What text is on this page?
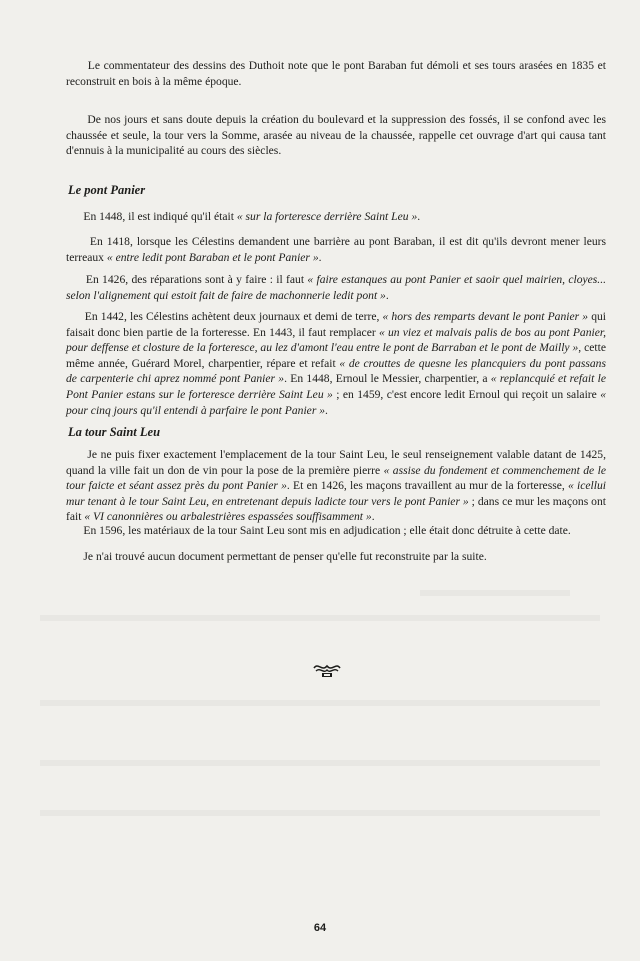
Le commentateur des dessins des Duthoit note que le pont Baraban fut démoli et ses tours arasées en 1835 et reconstruit en bois à la même époque.

De nos jours et sans doute depuis la création du boulevard et la suppression des fossés, il se confond avec les chaussée et seule, la tour vers la Somme, arasée au niveau de la chaussée, rappelle cet ouvrage d'art qui causa tant d'ennuis à la municipalité au cours des siècles.

Le pont Panier

En 1448, il est indiqué qu'il était « sur la forteresce derrière Saint Leu ».

En 1418, lorsque les Célestins demandent une barrière au pont Baraban, il est dit qu'ils devront mener leurs terreaux « entre ledit pont Baraban et le pont Panier ».

En 1426, des réparations sont à y faire : il faut « faire estanques au pont Panier et saoir quel mairien, cloyes... selon l'alignement qui estoit fait de faire de machonnerie ledit pont ».

En 1442, les Célestins achètent deux journaux et demi de terre, « hors des remparts devant le pont Panier » qui faisait donc bien partie de la forteresse. En 1443, il faut remplacer « un viez et malvais palis de bos au pont Panier, pour deffense et closture de la forteresce, au lez d'amont l'eau entre le pont de Barraban et le pont de Mailly », cette même année, Guérard Morel, charpentier, répare et refait « de crouttes de quesne les plancquiers du pont passans de carpenterie chi aprez nommé pont Panier ». En 1448, Ernoul le Messier, charpentier, a « replancquié et refait le Pont Panier estans sur le forteresce derrière Saint Leu » ; en 1459, c'est encore ledit Ernoul qui reçoit un salaire « pour cinq jours qu'il entendi à parfaire le pont Panier ».

La tour Saint Leu

Je ne puis fixer exactement l'emplacement de la tour Saint Leu, le seul renseignement valable datant de 1425, quand la ville fait un don de vin pour la pose de la première pierre « assise du fondement et commenchement de le tour faicte et séant assez près du pont Panier ». Et en 1426, les maçons travaillent au mur de la forteresse, « icellui mur tenant à le tour Saint Leu, en entretenant depuis ladicte tour vers le pont Panier » ; dans ce mur les maçons ont fait « VI canonnières ou arbalestrières espassées souffisamment ».

En 1596, les matériaux de la tour Saint Leu sont mis en adjudication ; elle était donc détruite à cette date.

Je n'ai trouvé aucun document permettant de penser qu'elle fut reconstruite par la suite.

64
